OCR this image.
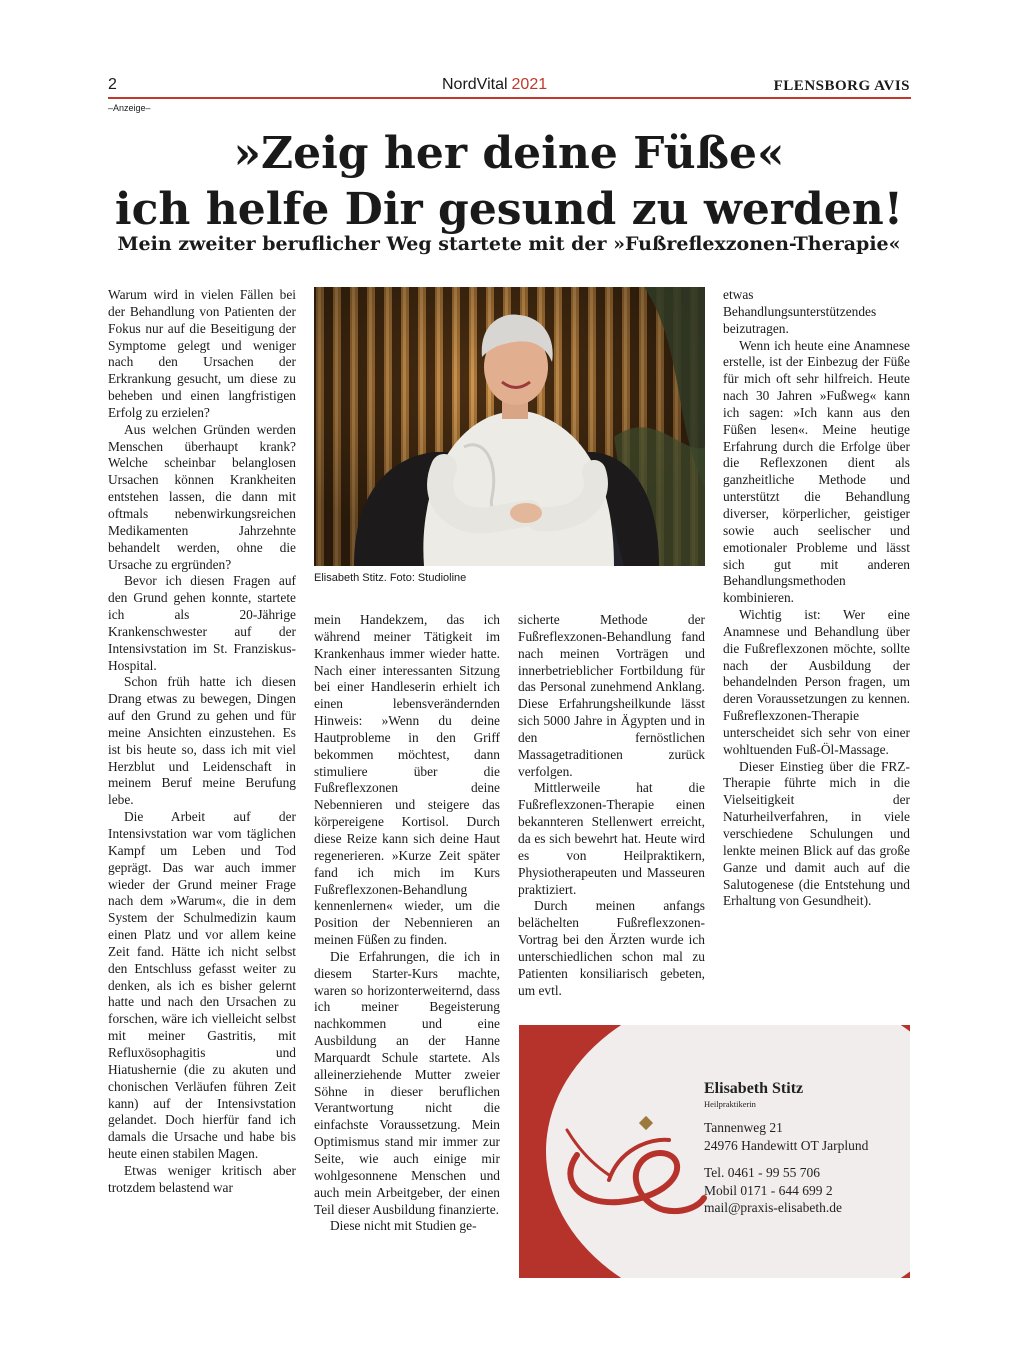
2	NordVital 2021	FLENSBORG AVIS
–Anzeige–
»Zeig her deine Füße«
ich helfe Dir gesund zu werden!
Mein zweiter beruflicher Weg startete mit der »Fußreflexzonen-Therapie«

Warum wird in vielen Fällen bei der Behandlung von Patienten der Fokus nur auf die Beseitigung der Symptome gelegt und weniger nach den Ursachen der Erkrankung gesucht, um diese zu beheben und einen langfristigen Erfolg zu erzielen?

Aus welchen Gründen werden Menschen überhaupt krank? Welche scheinbar belanglosen Ursachen können Krankheiten entstehen lassen, die dann mit oftmals nebenwirkungsreichen Medikamenten Jahrzehnte behandelt werden, ohne die Ursache zu ergründen?

Bevor ich diesen Fragen auf den Grund gehen konnte, startete ich als 20-Jährige Krankenschwester auf der Intensivstation im St. Franziskus-Hospital.

Schon früh hatte ich diesen Drang etwas zu bewegen, Dingen auf den Grund zu gehen und für meine Ansichten einzustehen. Es ist bis heute so, dass ich mit viel Herzblut und Leidenschaft in meinem Beruf meine Berufung lebe.

Die Arbeit auf der Intensivstation war vom täglichen Kampf um Leben und Tod geprägt. Das war auch immer wieder der Grund meiner Frage nach dem »Warum«, die in dem System der Schulmedizin kaum einen Platz und vor allem keine Zeit fand. Hätte ich nicht selbst den Entschluss gefasst weiter zu denken, als ich es bisher gelernt hatte und nach den Ursachen zu forschen, wäre ich vielleicht selbst mit meiner Gastritis, mit Refluxösophagitis und Hiatushernie (die zu akuten und chonischen Verläufen führen Zeit kann) auf der Intensivstation gelandet. Doch hierfür fand ich damals die Ursache und habe bis heute einen stabilen Magen.

Etwas weniger kritisch aber trotzdem belastend war

Elisabeth Stitz. Foto: Studioline

mein Handekzem, das ich während meiner Tätigkeit im Krankenhaus immer wieder hatte. Nach einer interessanten Sitzung bei einer Handleserin erhielt ich einen lebensverändernden Hinweis: »Wenn du deine Hautprobleme in den Griff bekommen möchtest, dann stimuliere über die Fußreflexzonen deine Nebennieren und steigere das körpereigene Kortisol. Durch diese Reize kann sich deine Haut regenerieren. »Kurze Zeit später fand ich mich im Kurs Fußreflexzonen-Behandlung kennenlernen« wieder, um die Position der Nebennieren an meinen Füßen zu finden.

Die Erfahrungen, die ich in diesem Starter-Kurs machte, waren so horizonterweiternd, dass ich meiner Begeisterung nachkommen und eine Ausbildung an der Hanne Marquardt Schule startete. Als alleinerziehende Mutter zweier Söhne in dieser beruflichen Verantwortung nicht die einfachste Voraussetzung. Mein Optimismus stand mir immer zur Seite, wie auch einige mir wohlgesonnene Menschen und auch mein Arbeitgeber, der einen Teil dieser Ausbildung finanzierte.

Diese nicht mit Studien ge-

sicherte Methode der Fußreflexzonen-Behandlung fand nach meinen Vorträgen und innerbetrieblicher Fortbildung für das Personal zunehmend Anklang. Diese Erfahrungsheilkunde lässt sich 5000 Jahre in Ägypten und in den fernöstlichen Massagetraditionen zurück verfolgen.

Mittlerweile hat die Fußreflexzonen-Therapie einen bekannteren Stellenwert erreicht, da es sich bewehrt hat. Heute wird es von Heilpraktikern, Physiotherapeuten und Masseuren praktiziert.

Durch meinen anfangs belächelten Fußreflexzonen-Vortrag bei den Ärzten wurde ich unterschiedlichen schon mal zu Patienten konsiliarisch gebeten, um evtl.

etwas Behandlungsunterstützendes beizutragen.

Wenn ich heute eine Anamnese erstelle, ist der Einbezug der Füße für mich oft sehr hilfreich. Heute nach 30 Jahren »Fußweg« kann ich sagen: »Ich kann aus den Füßen lesen«. Meine heutige Erfahrung durch die Erfolge über die Reflexzonen dient als ganzheitliche Methode und unterstützt die Behandlung diverser, körperlicher, geistiger sowie auch seelischer und emotionaler Probleme und lässt sich gut mit anderen Behandlungsmethoden kombinieren.

Wichtig ist: Wer eine Anamnese und Behandlung über die Fußreflexzonen möchte, sollte nach der Ausbildung der behandelnden Person fragen, um deren Voraussetzungen zu kennen. Fußreflexzonen-Therapie unterscheidet sich sehr von einer wohltuenden Fuß-Öl-Massage.

Dieser Einstieg über die FRZ-Therapie führte mich in die Vielseitigkeit der Naturheilverfahren, in viele verschiedene Schulungen und lenkte meinen Blick auf das große Ganze und damit auch auf die Salutogenese (die Entstehung und Erhaltung von Gesundheit).

Elisabeth Stitz
Heilpraktikerin
Tannenweg 21
24976 Handewitt OT Jarplund
Tel. 0461 - 99 55 706
Mobil 0171 - 644 699 2
mail@praxis-elisabeth.de
